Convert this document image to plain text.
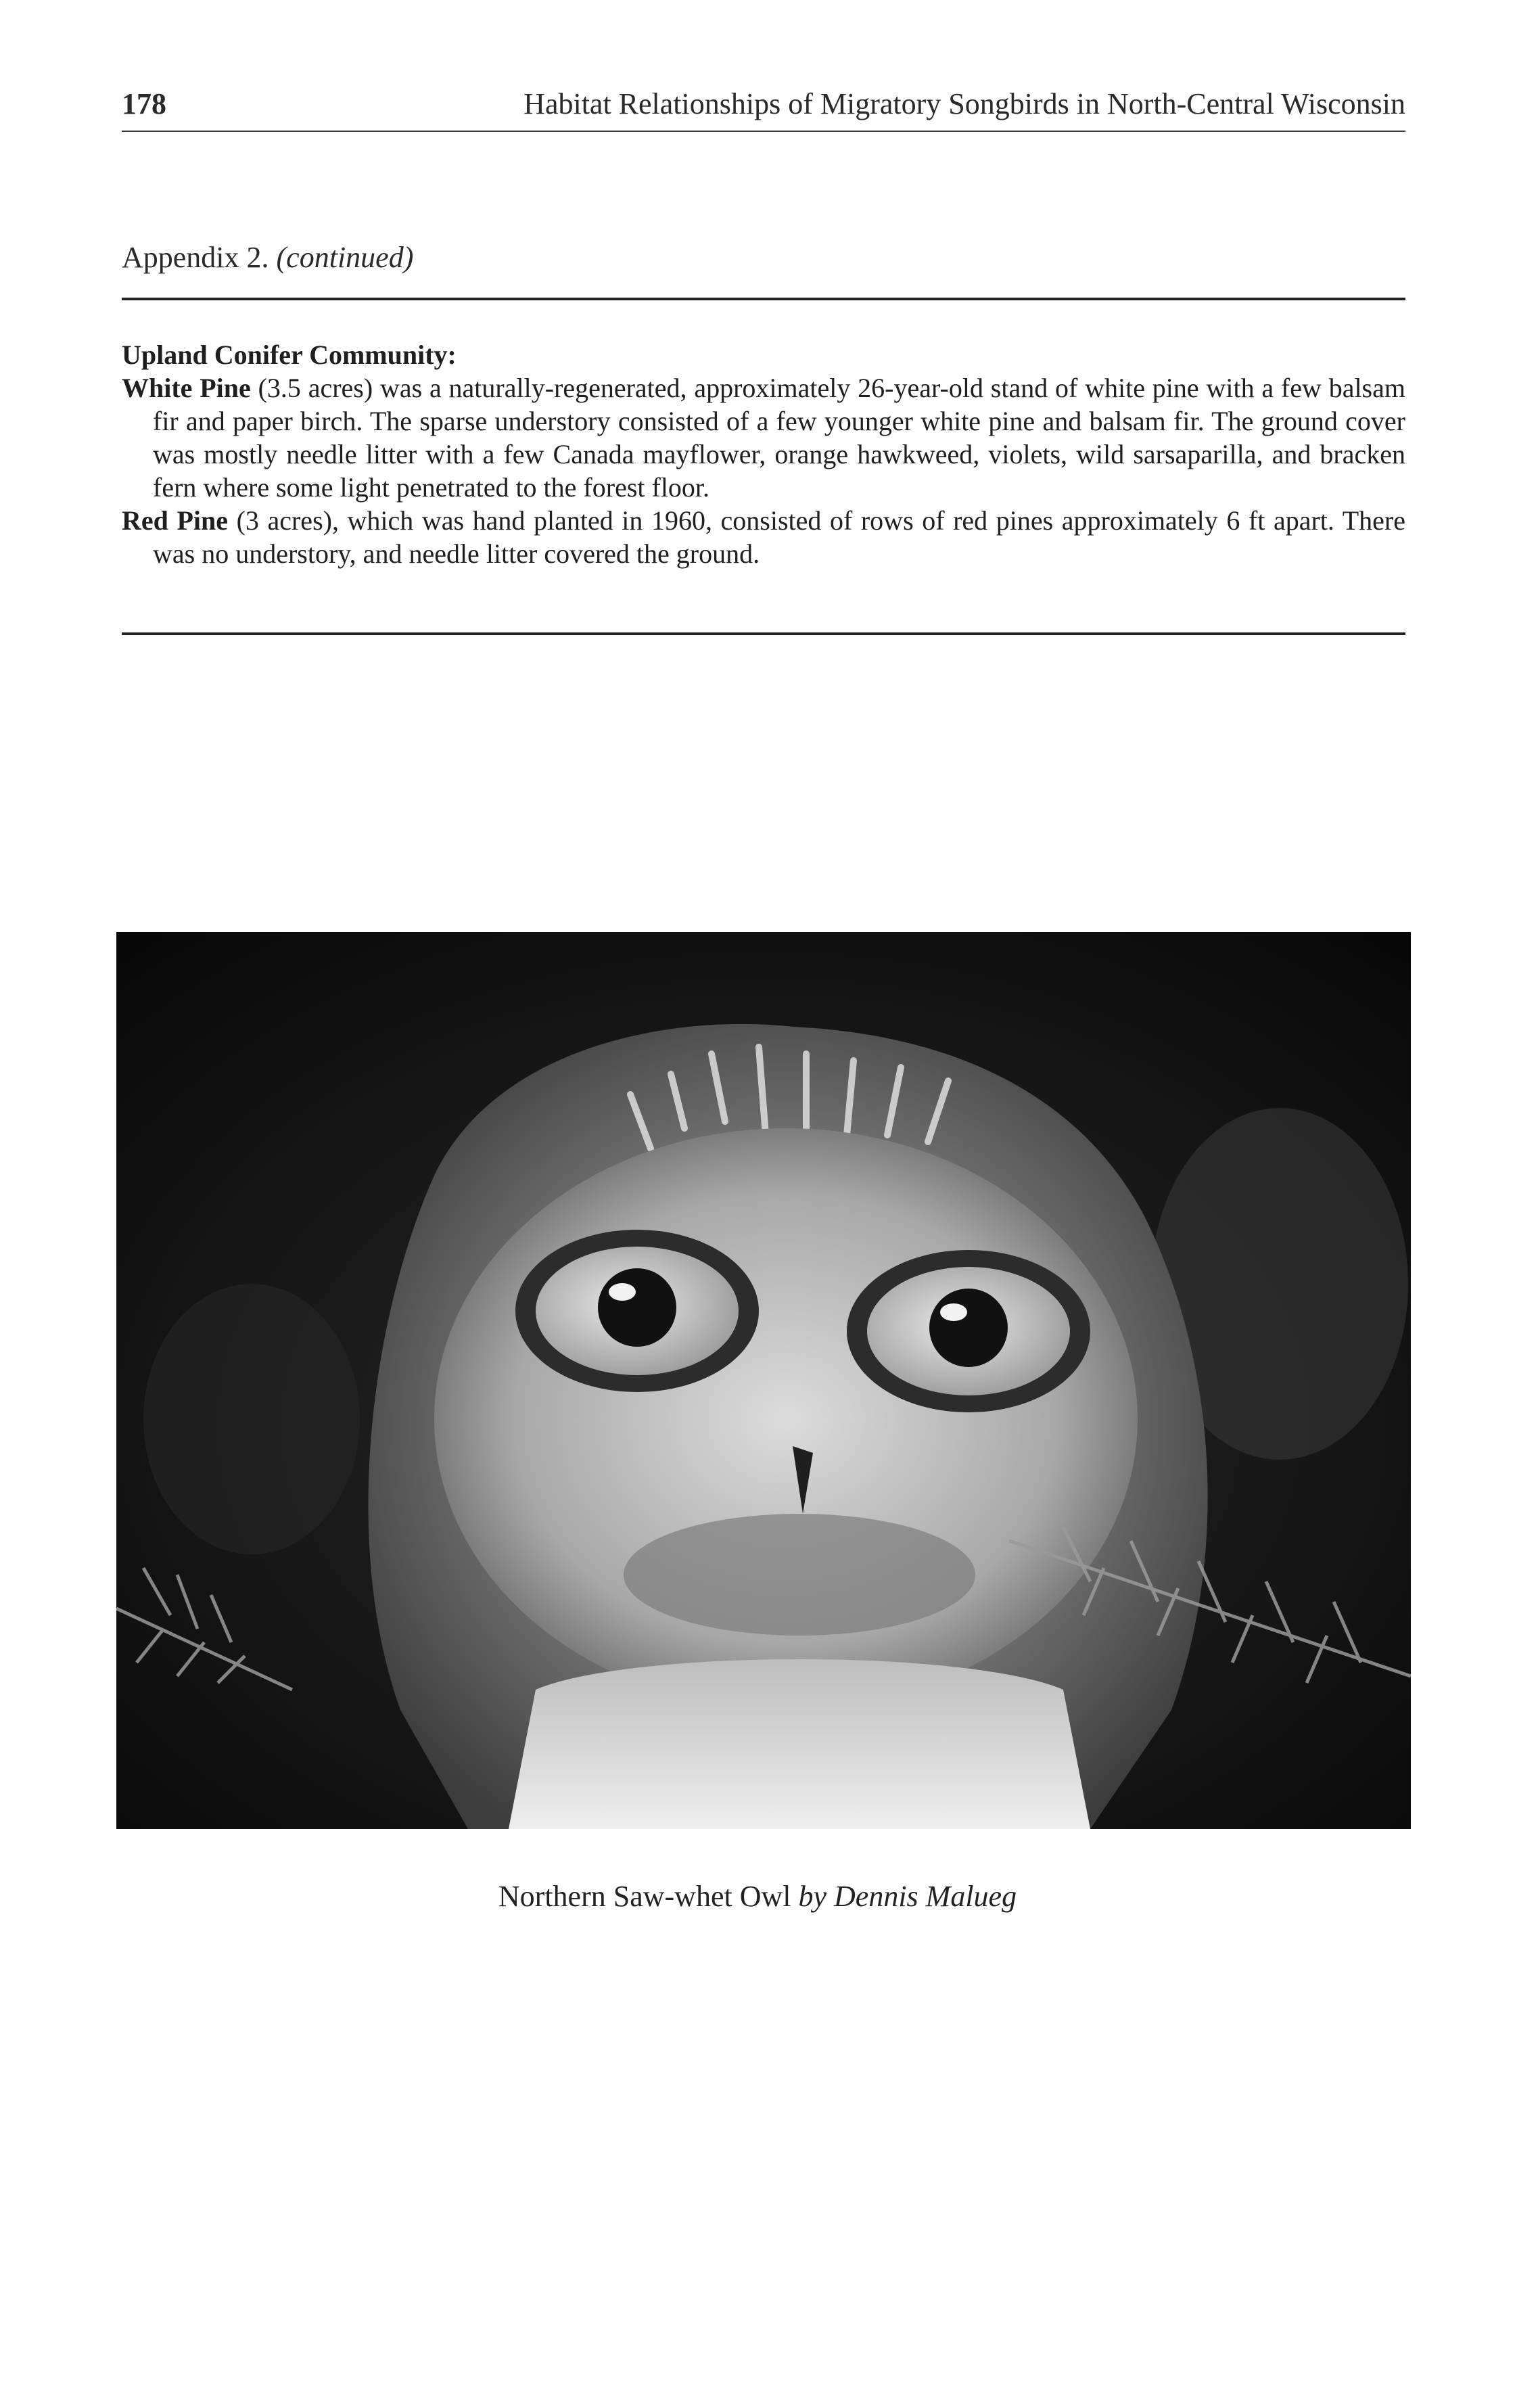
178	Habitat Relationships of Migratory Songbirds in North-Central Wisconsin
Appendix 2. (continued)

Upland Conifer Community:

White Pine (3.5 acres) was a naturally-regenerated, approximately 26-year-old stand of white pine with a few balsam fir and paper birch. The sparse understory consisted of a few younger white pine and balsam fir. The ground cover was mostly needle litter with a few Canada mayflower, orange hawkweed, violets, wild sarsaparilla, and bracken fern where some light penetrated to the forest floor.

Red Pine (3 acres), which was hand planted in 1960, consisted of rows of red pines approximately 6 ft apart. There was no understory, and needle litter covered the ground.

Northern Saw-whet Owl by Dennis Malueg
